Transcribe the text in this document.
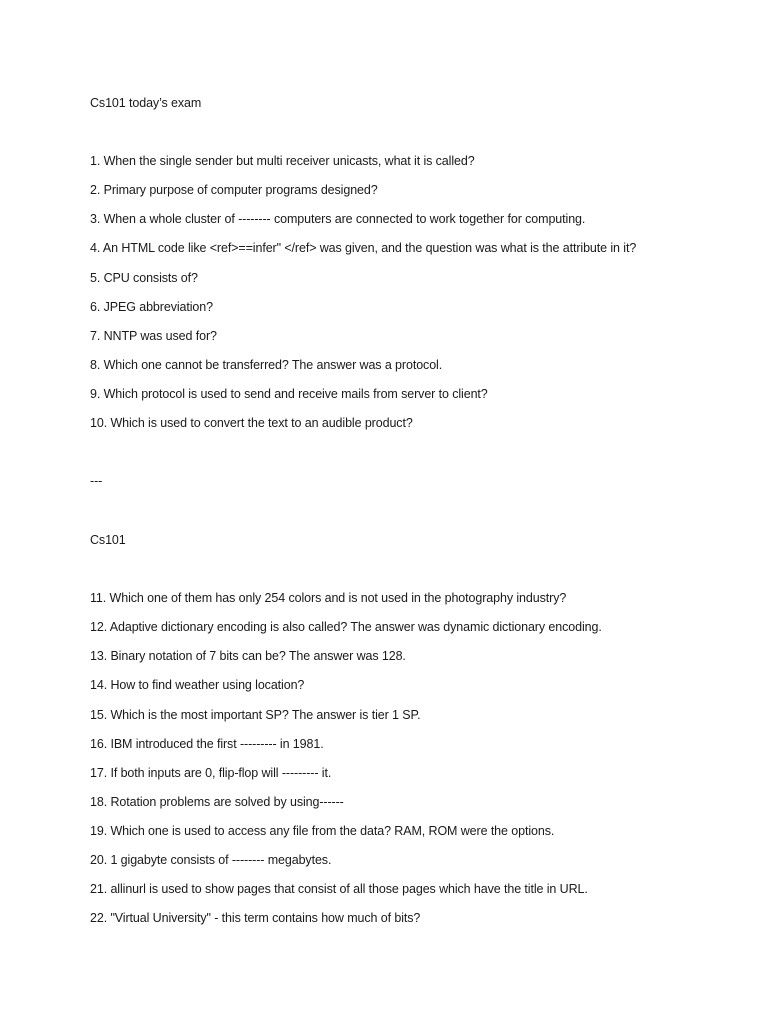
Cs101 today’s exam
1. When the single sender but multi receiver unicasts, what it is called?
2. Primary purpose of computer programs designed?
3. When a whole cluster of -------- computers are connected to work together for computing.
4. An HTML code like <ref>==infer" </ref> was given, and the question was what is the attribute in it?
5. CPU consists of?
6. JPEG abbreviation?
7. NNTP was used for?
8. Which one cannot be transferred? The answer was a protocol.
9. Which protocol is used to send and receive mails from server to client?
10. Which is used to convert the text to an audible product?
---
Cs101
11. Which one of them has only 254 colors and is not used in the photography industry?
12. Adaptive dictionary encoding is also called? The answer was dynamic dictionary encoding.
13. Binary notation of 7 bits can be? The answer was 128.
14. How to find weather using location?
15. Which is the most important SP? The answer is tier 1 SP.
16. IBM introduced the first --------- in 1981.
17. If both inputs are 0, flip-flop will --------- it.
18. Rotation problems are solved by using------
19. Which one is used to access any file from the data? RAM, ROM were the options.
20. 1 gigabyte consists of -------- megabytes.
21. allinurl is used to show pages that consist of all those pages which have the title in URL.
22. "Virtual University" - this term contains how much of bits?
